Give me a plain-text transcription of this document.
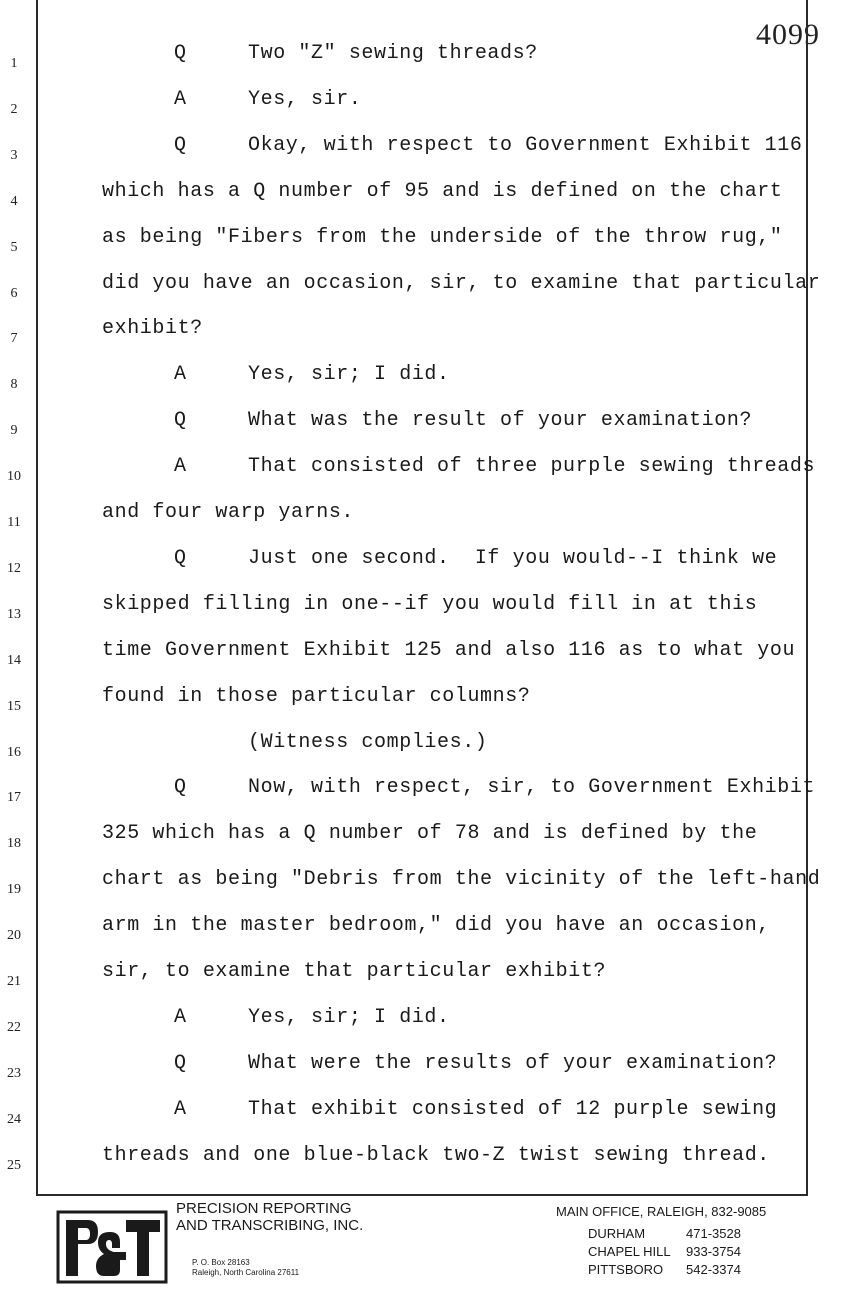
4099
1
2
3
4
5
6
7
8
9
10
11
12
13
14
15
16
17
18
19
20
21
22
23
24
25
Q	Two "Z" sewing threads?
A	Yes, sir.
Q	Okay, with respect to Government Exhibit 116
which has a Q number of 95 and is defined on the chart
as being "Fibers from the underside of the throw rug,"
did you have an occasion, sir, to examine that particular
exhibit?
A	Yes, sir; I did.
Q	What was the result of your examination?
A	That consisted of three purple sewing threads
and four warp yarns.
Q	Just one second.  If you would--I think we
skipped filling in one--if you would fill in at this
time Government Exhibit 125 and also 116 as to what you
found in those particular columns?
(Witness complies.)
Q	Now, with respect, sir, to Government Exhibit
325 which has a Q number of 78 and is defined by the
chart as being "Debris from the vicinity of the left-hand
arm in the master bedroom," did you have an occasion,
sir, to examine that particular exhibit?
A	Yes, sir; I did.
Q	What were the results of your examination?
A	That exhibit consisted of 12 purple sewing
threads and one blue-black two-Z twist sewing thread.
PRECISION REPORTING
AND TRANSCRIBING, INC.
P. O. Box 28163
Raleigh, North Carolina 27611
MAIN OFFICE, RALEIGH, 832-9085
DURHAM	471-3528
CHAPEL HILL 933-3754
PITTSBORO 542-3374
